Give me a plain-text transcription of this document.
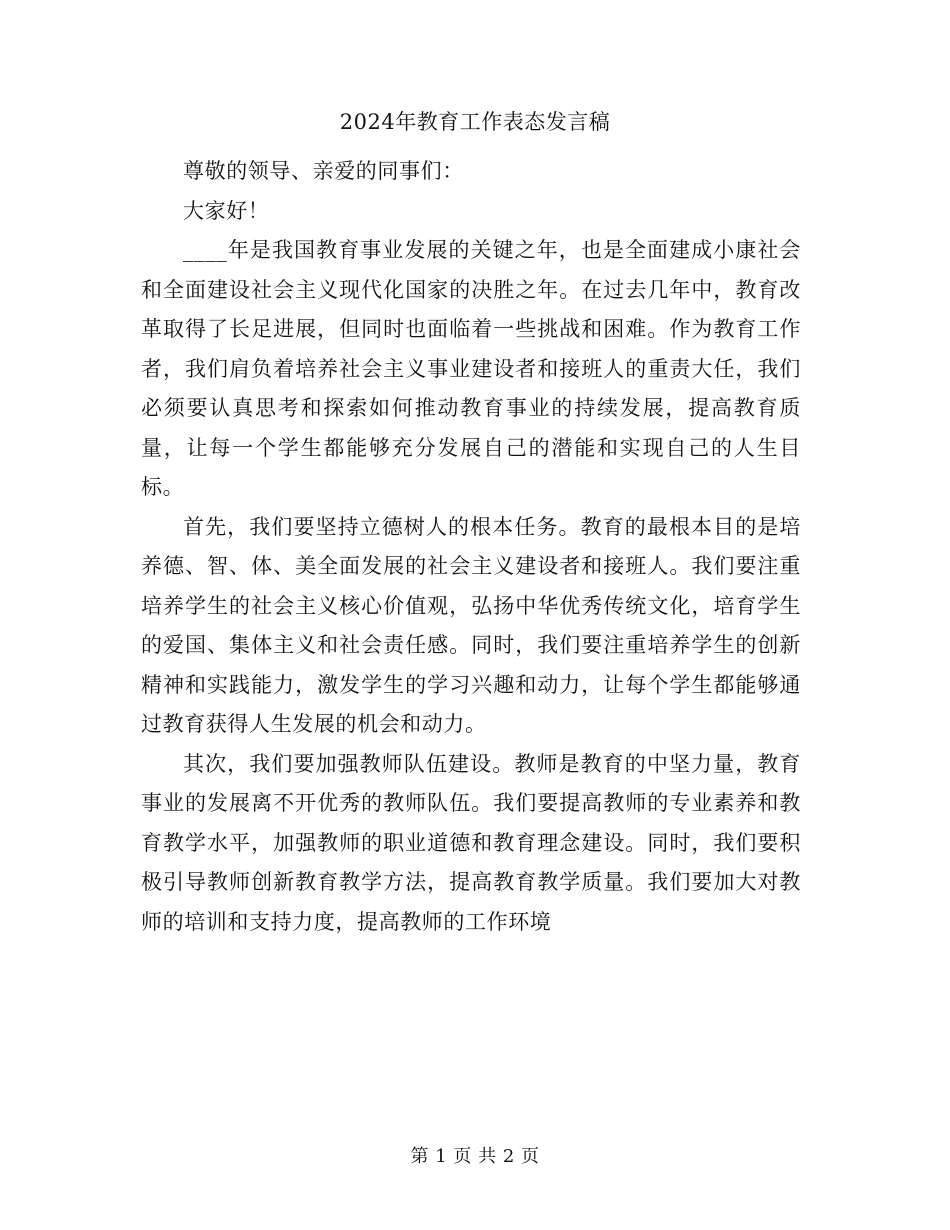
2024年教育工作表态发言稿

尊敬的领导、亲爱的同事们：

大家好！

____年是我国教育事业发展的关键之年，也是全面建成小康社会和全面建设社会主义现代化国家的决胜之年。在过去几年中，教育改革取得了长足进展，但同时也面临着一些挑战和困难。作为教育工作者，我们肩负着培养社会主义事业建设者和接班人的重责大任，我们必须要认真思考和探索如何推动教育事业的持续发展，提高教育质量，让每一个学生都能够充分发展自己的潜能和实现自己的人生目标。

首先，我们要坚持立德树人的根本任务。教育的最根本目的是培养德、智、体、美全面发展的社会主义建设者和接班人。我们要注重培养学生的社会主义核心价值观，弘扬中华优秀传统文化，培育学生的爱国、集体主义和社会责任感。同时，我们要注重培养学生的创新精神和实践能力，激发学生的学习兴趣和动力，让每个学生都能够通过教育获得人生发展的机会和动力。

其次，我们要加强教师队伍建设。教师是教育的中坚力量，教育事业的发展离不开优秀的教师队伍。我们要提高教师的专业素养和教育教学水平，加强教师的职业道德和教育理念建设。同时，我们要积极引导教师创新教育教学方法，提高教育教学质量。我们要加大对教师的培训和支持力度，提高教师的工作环境

第 1 页 共 2 页
